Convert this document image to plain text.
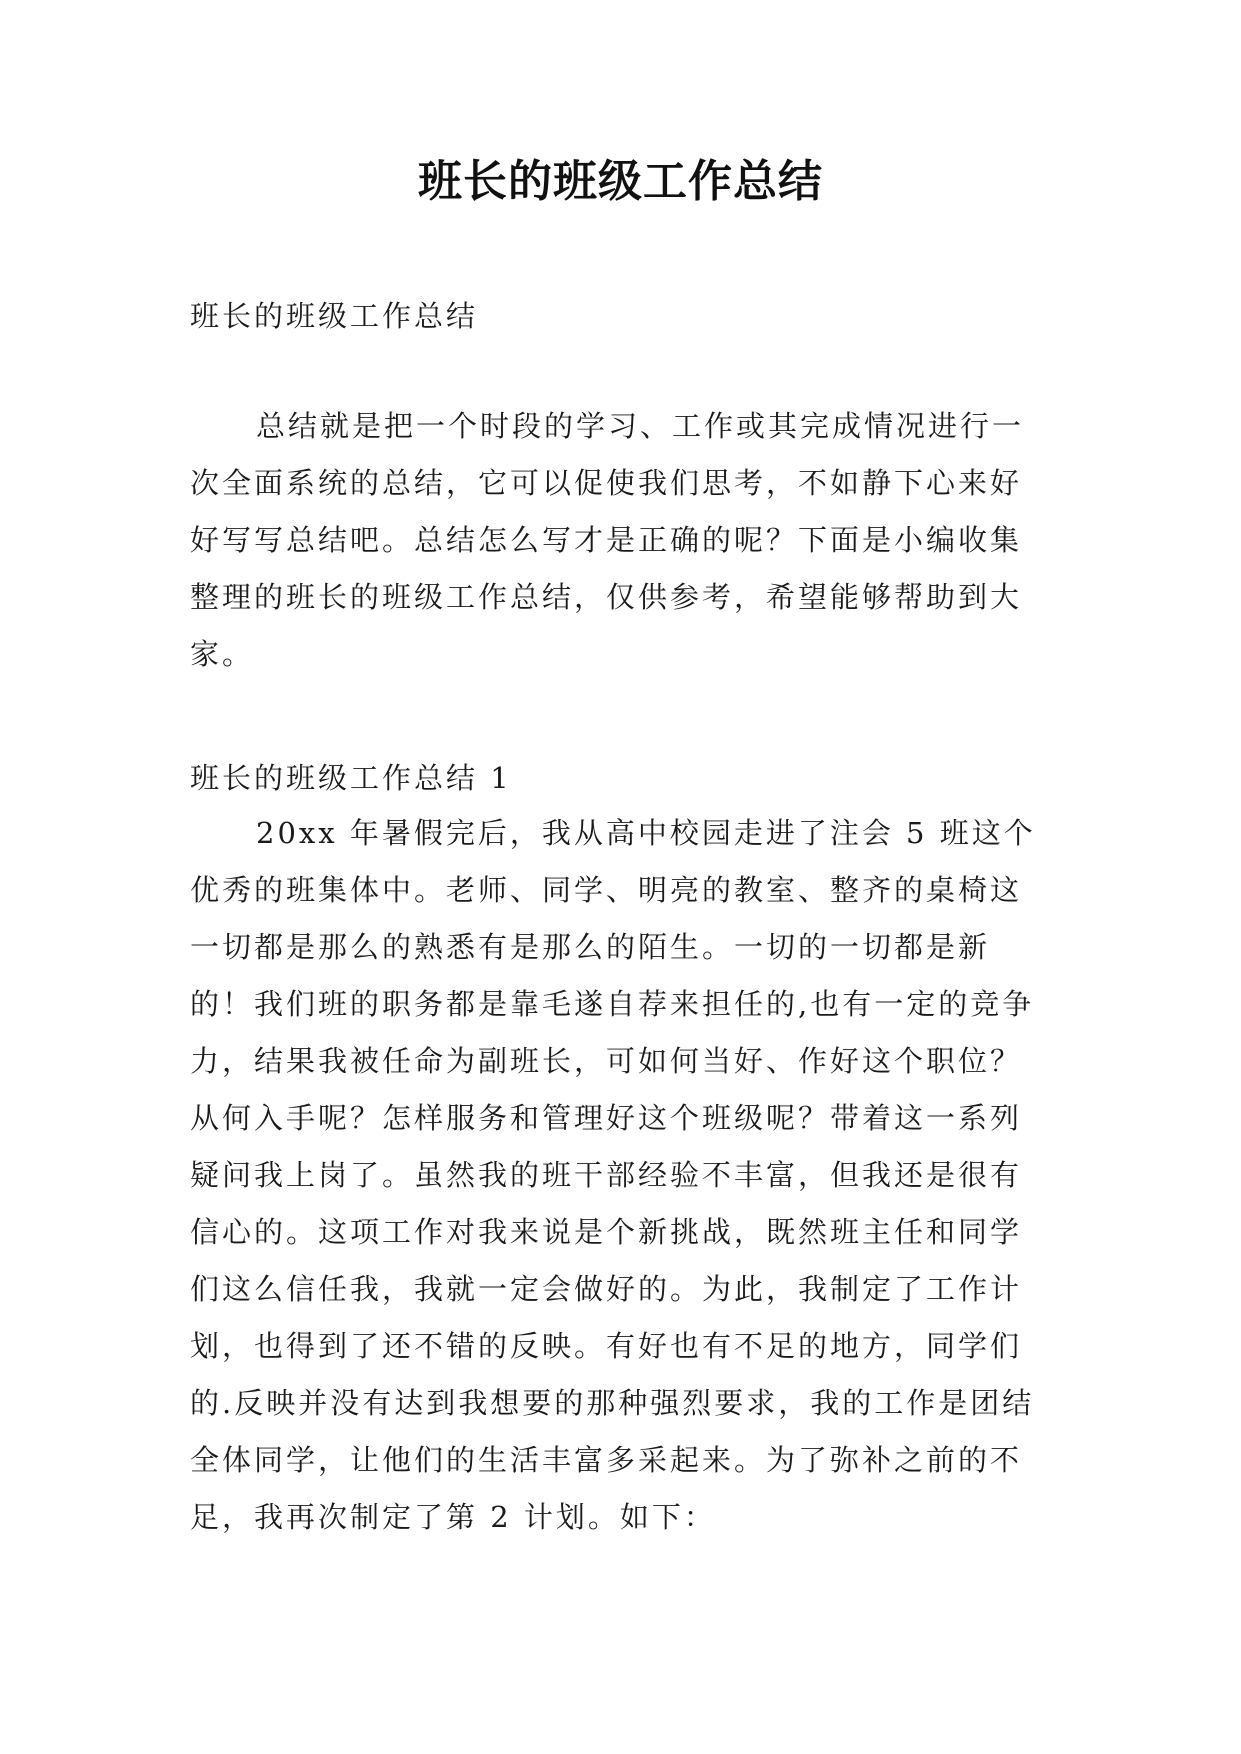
班长的班级工作总结

班长的班级工作总结

总结就是把一个时段的学习、工作或其完成情况进行一次全面系统的总结，它可以促使我们思考，不如静下心来好好写写总结吧。总结怎么写才是正确的呢？下面是小编收集整理的班长的班级工作总结，仅供参考，希望能够帮助到大家。

班长的班级工作总结 1

20xx 年暑假完后，我从高中校园走进了注会 5 班这个优秀的班集体中。老师、同学、明亮的教室、整齐的桌椅这一切都是那么的熟悉有是那么的陌生。一切的一切都是新的！我们班的职务都是靠毛遂自荐来担任的,也有一定的竞争力，结果我被任命为副班长，可如何当好、作好这个职位？从何入手呢？怎样服务和管理好这个班级呢？带着这一系列疑问我上岗了。虽然我的班干部经验不丰富，但我还是很有信心的。这项工作对我来说是个新挑战，既然班主任和同学们这么信任我，我就一定会做好的。为此，我制定了工作计划，也得到了还不错的反映。有好也有不足的地方，同学们的.反映并没有达到我想要的那种强烈要求，我的工作是团结全体同学，让他们的生活丰富多采起来。为了弥补之前的不足，我再次制定了第 2 计划。如下：
